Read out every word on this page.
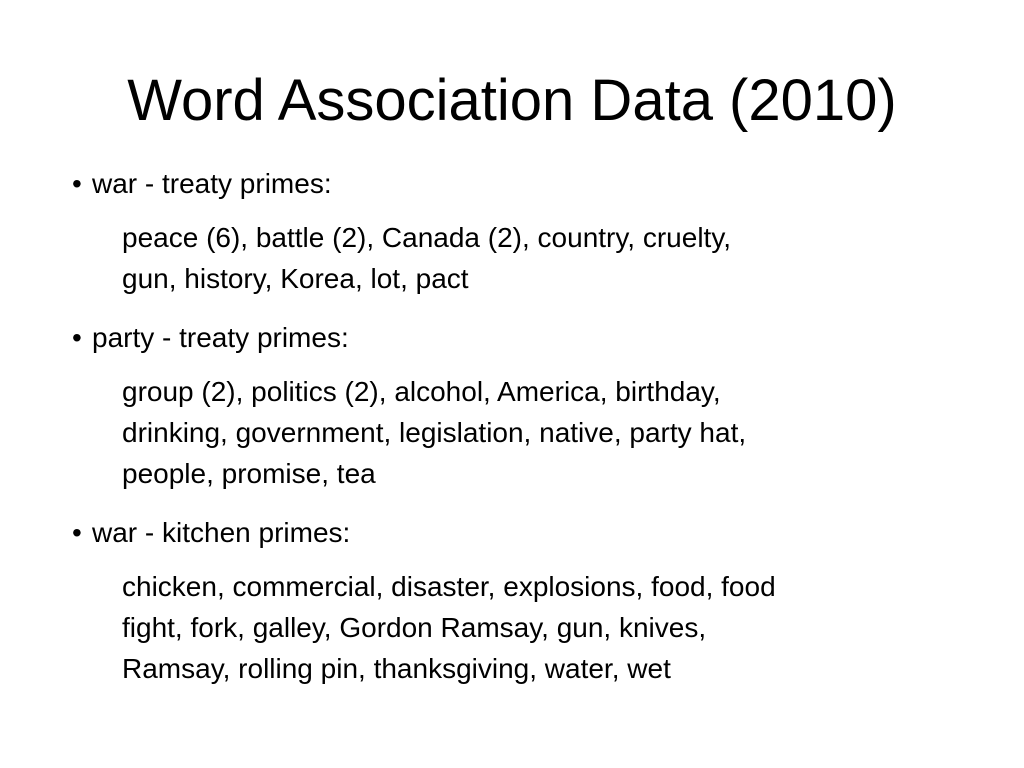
Word Association Data (2010)
• war - treaty primes:
peace (6), battle (2), Canada (2), country, cruelty,
gun, history, Korea, lot, pact
• party - treaty primes:
group (2), politics (2), alcohol, America, birthday,
drinking, government, legislation, native, party hat,
people, promise, tea
• war - kitchen primes:
chicken, commercial, disaster, explosions, food, food
fight, fork, galley, Gordon Ramsay, gun, knives,
Ramsay, rolling pin, thanksgiving, water, wet
